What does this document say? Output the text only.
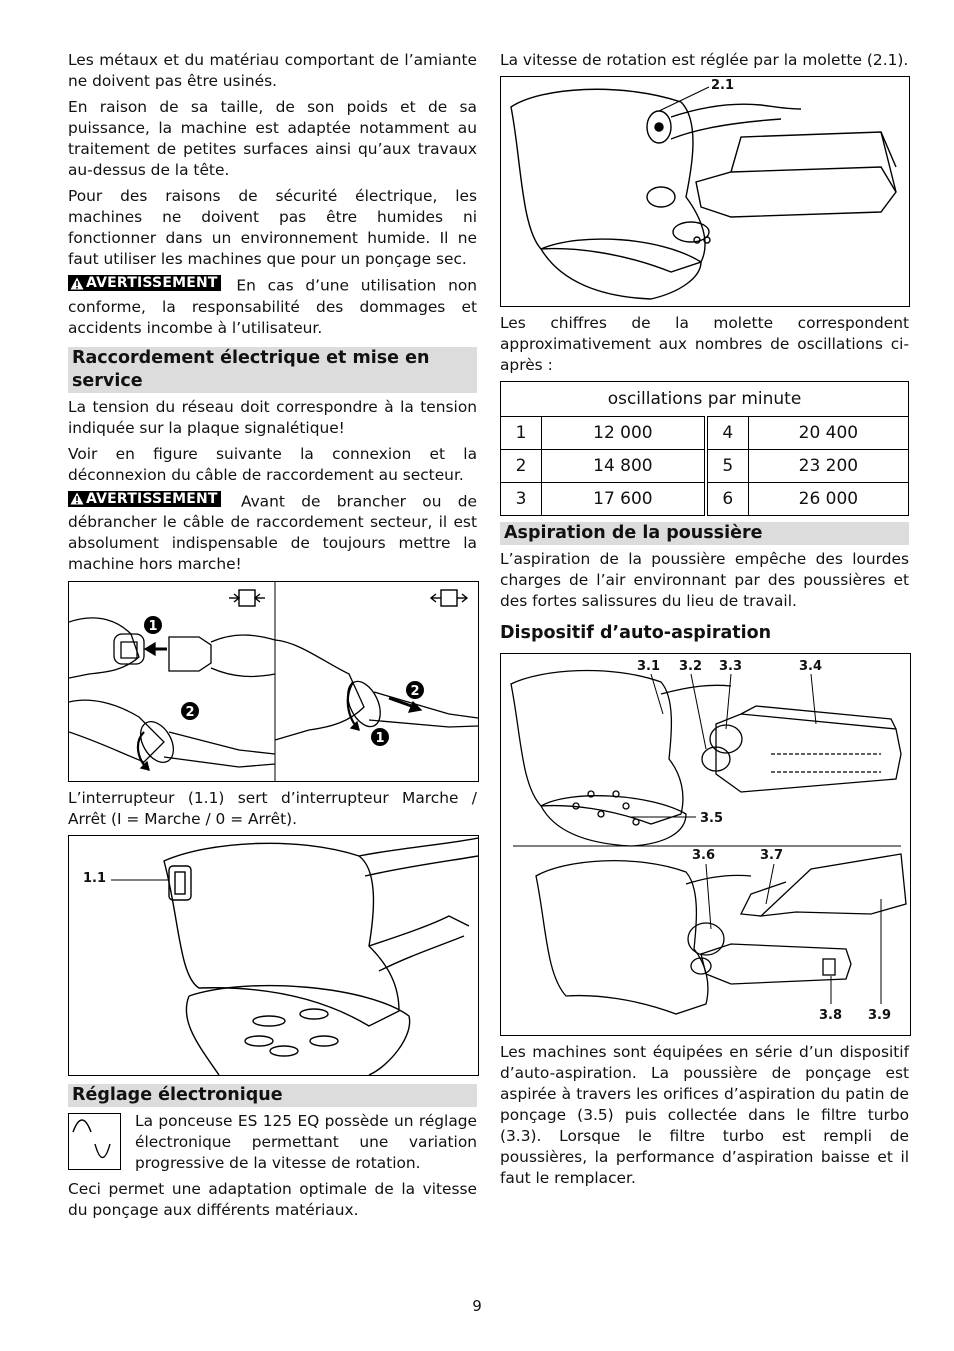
Les métaux et du matériau comportant de l’amiante ne doivent pas être usinés.

En raison de sa taille, de son poids et de sa puissance, la machine est adaptée notamment au traitement de petites surfaces ainsi qu’aux travaux au-dessus de la tête.

Pour des raisons de sécurité électrique, les machines ne doivent pas être humides ni fonctionner dans un environnement humide. Il ne faut utiliser les machines que pour un ponçage sec.

AVERTISSEMENT En cas d’une utilisation non conforme, la responsabilité des dommages et accidents incombe à l’utilisateur.

Raccordement électrique et mise en service

La tension du réseau doit correspondre à la tension indiquée sur la plaque signalétique!

Voir en figure suivante la connexion et la déconnexion du câble de raccordement au secteur.

AVERTISSEMENT Avant de brancher ou de débrancher le câble de raccordement secteur, il est absolument indispensable de toujours mettre la machine hors marche!

1
2
2
1

L’interrupteur (1.1) sert d’interrupteur Marche / Arrêt (I = Marche / 0 = Arrêt).

1.1
Réglage électronique

La ponceuse ES 125 EQ possède un réglage électronique permettant une variation progressive de la vitesse de rotation.

Ceci permet une adaptation optimale de la vitesse du ponçage aux différents matériaux.

La vitesse de rotation est réglée par la molette (2.1).

2.1

Les chiffres de la molette correspondent approximativement aux nombres de oscillations ci-après :

oscillations par minute			
1	12 000	4	20 400
2	14 800	5	23 200
3	17 600	6	26 000
Aspiration de la poussière

L’aspiration de la poussière empêche des lourdes charges de l’air environnant par des poussières et des fortes salissures du lieu de travail.

Dispositif d’auto-aspiration
3.1 3.2 3.3	3.4
3.5
3.6	3.7
3.8 3.9

Les machines sont équipées en série d’un dispositif d’auto-aspiration. La poussière de ponçage est aspirée à travers les orifices d’aspiration du patin de ponçage (3.5) puis collectée dans le filtre turbo (3.3). Lorsque le filtre turbo est rempli de poussières, la performance d’aspiration baisse et il faut le remplacer.

9
